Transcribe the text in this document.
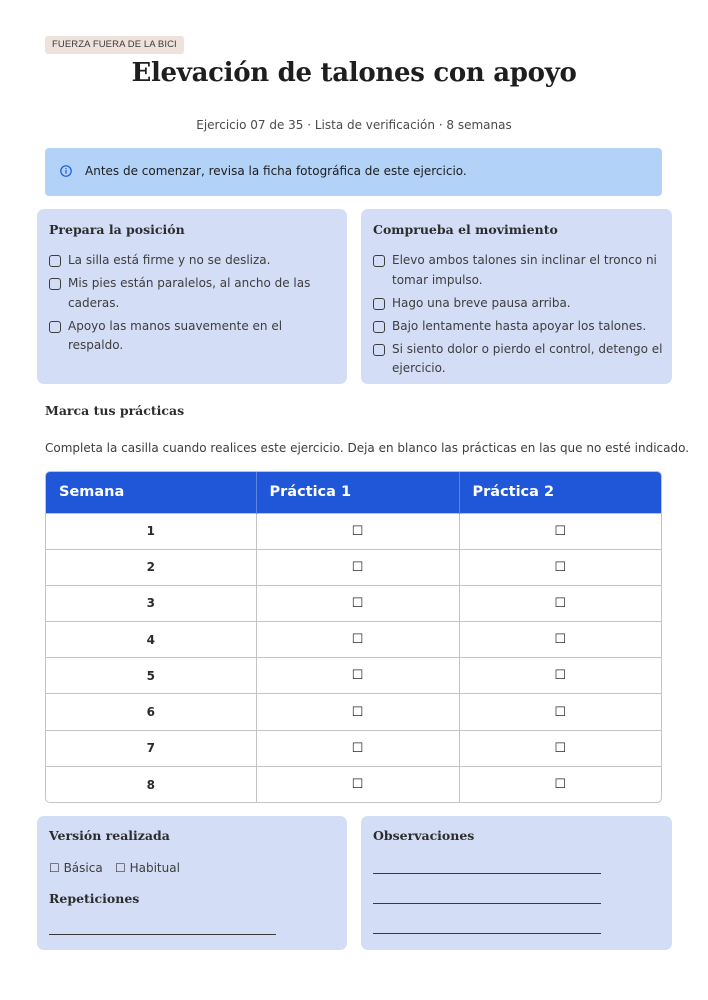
FUERZA FUERA DE LA BICI
Elevación de talones con apoyo
Ejercicio 07 de 35 · Lista de verificación · 8 semanas
Antes de comenzar, revisa la ficha fotográfica de este ejercicio.
Prepara la posición
La silla está firme y no se desliza.
Mis pies están paralelos, al ancho de las caderas.
Apoyo las manos suavemente en el respaldo.
Comprueba el movimiento
Elevo ambos talones sin inclinar el tronco ni tomar impulso.
Hago una breve pausa arriba.
Bajo lentamente hasta apoyar los talones.
Si siento dolor o pierdo el control, detengo el ejercicio.
Marca tus prácticas
Completa la casilla cuando realices este ejercicio. Deja en blanco las prácticas en las que no esté indicado.
Semana	Práctica 1	Práctica 2
1	☐	☐
2	☐	☐
3	☐	☐
4	☐	☐
5	☐	☐
6	☐	☐
7	☐	☐
8	☐	☐
Versión realizada
☐ Básica ☐ Habitual
Repeticiones
Observaciones
